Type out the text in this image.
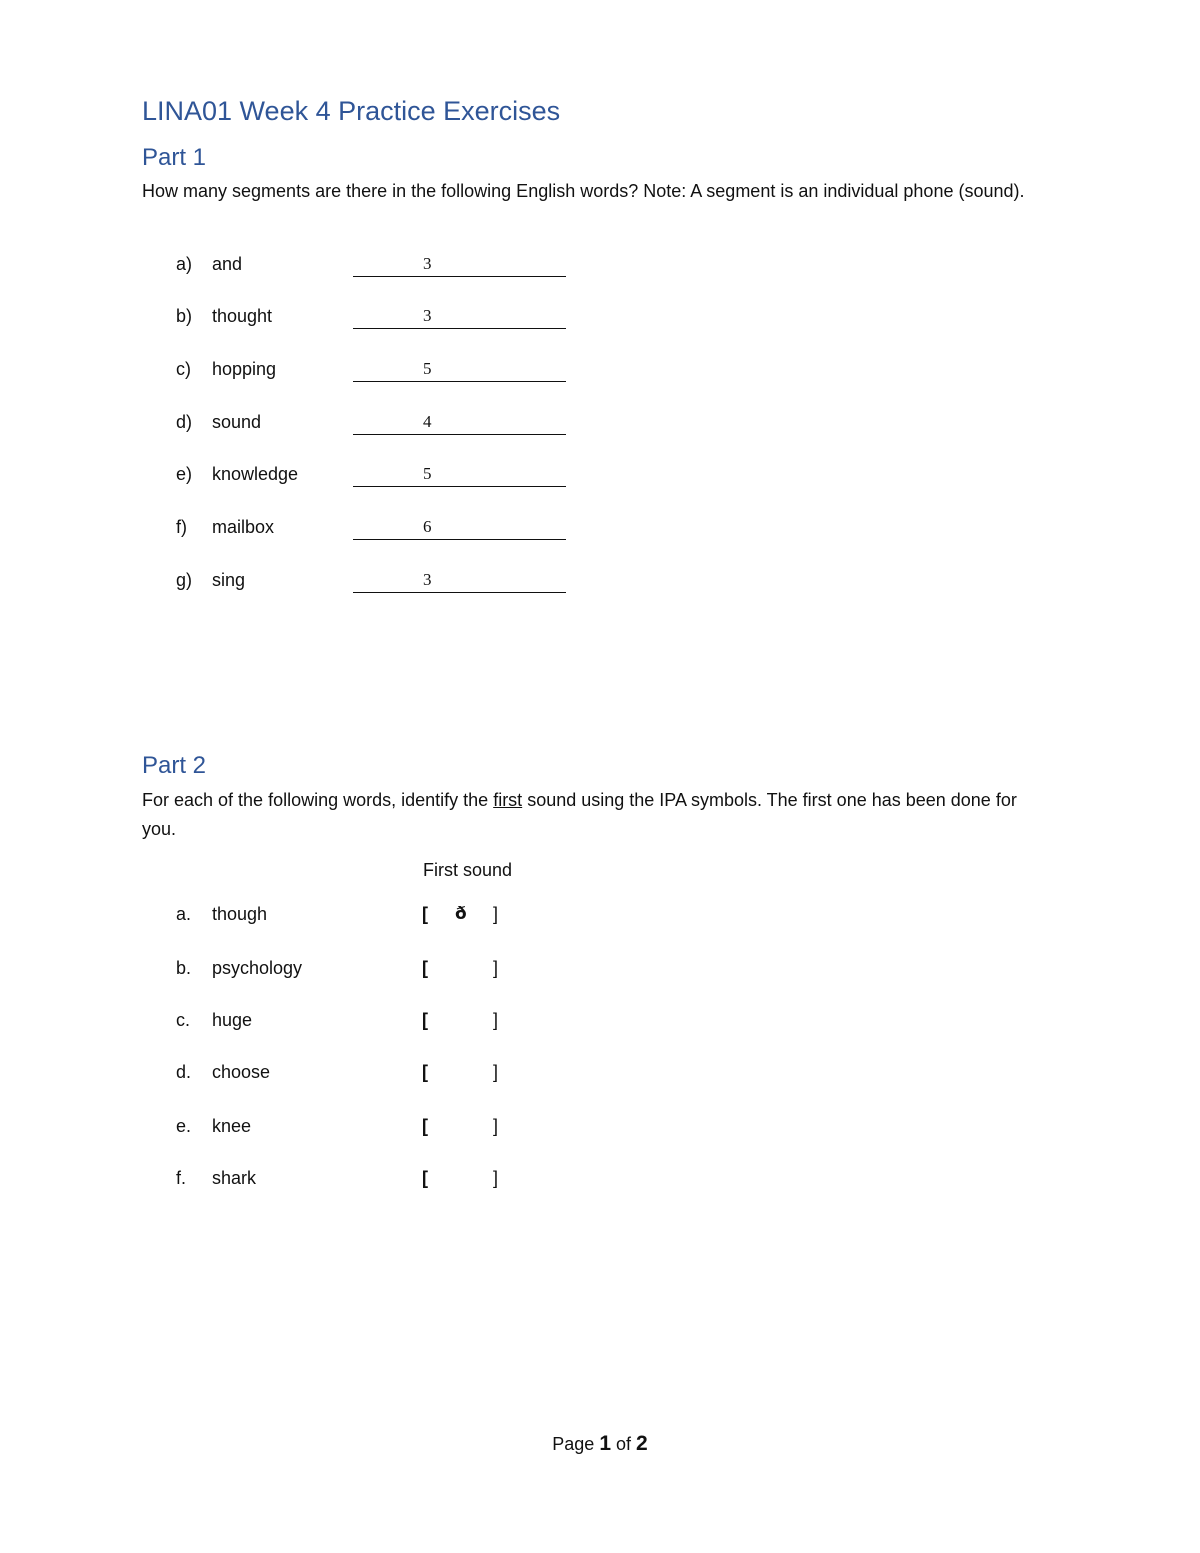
LINA01 Week 4 Practice Exercises
Part 1
How many segments are there in the following English words? Note: A segment is an individual phone (sound).
a) and	3
b) thought	3
c) hopping	5
d) sound	4
e) knowledge	5
f) mailbox	6
g) sing	3
Part 2
For each of the following words, identify the first sound using the IPA symbols. The first one has been done for you.
First sound
a. though	[ ð ]
b. psychology	[	]
c. huge	[	]
d. choose	[	]
e. knee	[	]
f. shark	[	]
Page 1 of 2
